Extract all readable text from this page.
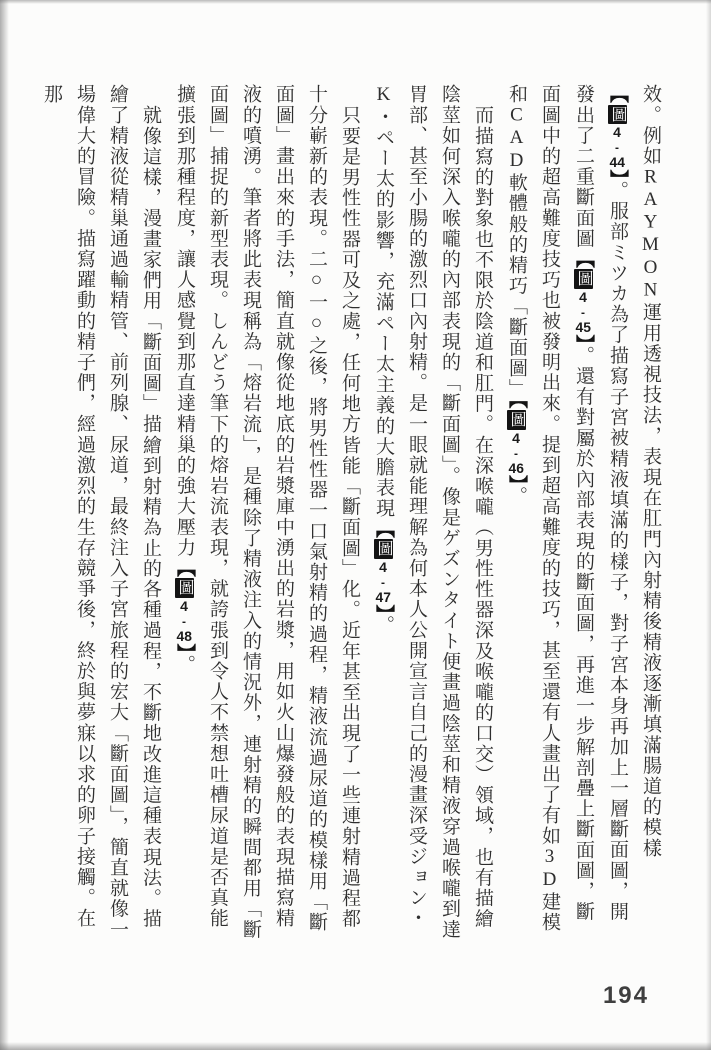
效。例如RAYMON運用透視技法，表現在肛門內射精後精液逐漸填滿腸道的模樣【圖4-44】。服部ミツカ為了描寫子宮被精液填滿的樣子，對子宮本身再加上一層斷面圖，開發出了二重斷面圖【圖4-45】。還有對屬於內部表現的斷面圖，再進一步解剖疊上斷面圖，斷面圖中的超高難度技巧也被發明出來。提到超高難度的技巧，甚至還有人畫出了有如3D建模和CAD軟體般的精巧「斷面圖」【圖4-46】。

而描寫的對象也不限於陰道和肛門。在深喉嚨（男性性器深及喉嚨的口交）領域，也有描繪陰莖如何深入喉嚨的內部表現的「斷面圖」。像是ゲズンタイト便畫過陰莖和精液穿過喉嚨到達胃部、甚至小腸的激烈口內射精。是一眼就能理解為何本人公開宣言自己的漫畫深受ジョン・K・ペー太的影響，充滿ペー太主義的大膽表現【圖4-47】。

只要是男性性器可及之處，任何地方皆能「斷面圖」化。近年甚至出現了一些連射精過程都十分嶄新的表現。二○一○之後，將男性性器一口氣射精的過程，精液流過尿道的模樣用「斷面圖」畫出來的手法，簡直就像從地底的岩漿庫中湧出的岩漿，用如火山爆發般的表現描寫精液的噴湧。筆者將此表現稱為「熔岩流」，是種除了精液注入的情況外，連射精的瞬間都用「斷面圖」捕捉的新型表現。しんどう筆下的熔岩流表現，就誇張到令人不禁想吐槽尿道是否真能擴張到那種程度，讓人感覺到那直達精巢的強大壓力【圖4-48】。

就像這樣，漫畫家們用「斷面圖」描繪到射精為止的各種過程，不斷地改進這種表現法。描繪了精液從精巢通過輸精管、前列腺、尿道，最終注入子宮旅程的宏大「斷面圖」，簡直就像一場偉大的冒險。描寫躍動的精子們，經過激烈的生存競爭後，終於與夢寐以求的卵子接觸。在那

194
